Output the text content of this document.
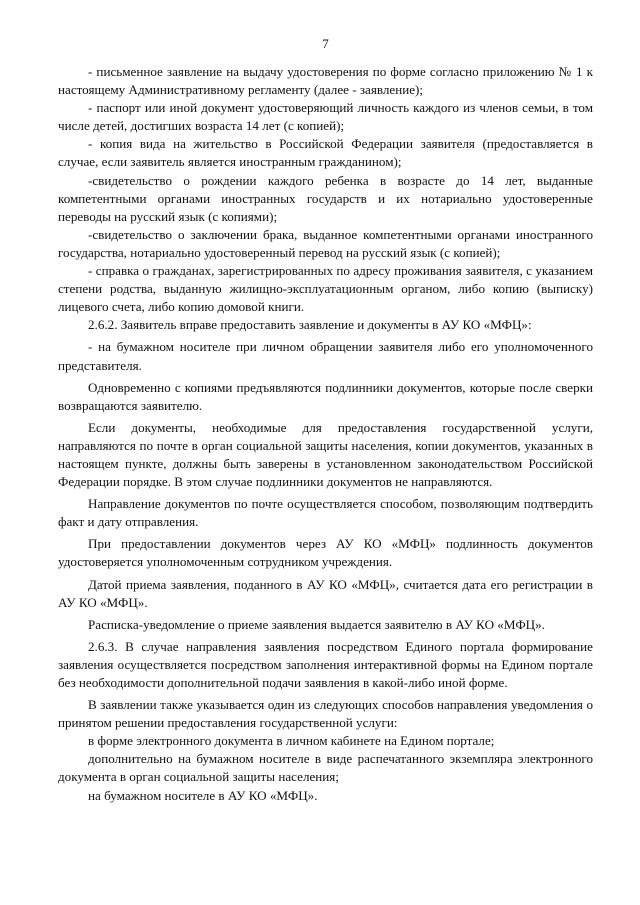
7

- письменное заявление на выдачу удостоверения по форме согласно приложению № 1 к настоящему Административному регламенту (далее - заявление);

- паспорт или иной документ удостоверяющий личность каждого из членов семьи, в том числе детей, достигших возраста 14 лет (с копией);

- копия вида на жительство в Российской Федерации заявителя (предоставляется в случае, если заявитель является иностранным гражданином);

-свидетельство о рождении каждого ребенка в возрасте до 14 лет, выданные компетентными органами иностранных государств и их нотариально удостоверенные переводы на русский язык (с копиями);

-свидетельство о заключении брака, выданное компетентными органами иностранного государства, нотариально удостоверенный перевод на русский язык (с копией);

- справка о гражданах, зарегистрированных по адресу проживания заявителя, с указанием степени родства, выданную жилищно-эксплуатационным органом, либо копию (выписку) лицевого счета, либо копию домовой книги.

2.6.2. Заявитель вправе предоставить заявление и документы в АУ КО «МФЦ»:

- на бумажном носителе при личном обращении заявителя либо его уполномоченного представителя.

Одновременно с копиями предъявляются подлинники документов, которые после сверки возвращаются заявителю.

Если документы, необходимые для предоставления государственной услуги, направляются по почте в орган социальной защиты населения, копии документов, указанных в настоящем пункте, должны быть заверены в установленном законодательством Российской Федерации порядке. В этом случае подлинники документов не направляются.

Направление документов по почте осуществляется способом, позволяющим подтвердить факт и дату отправления.

При предоставлении документов через АУ КО «МФЦ» подлинность документов удостоверяется уполномоченным сотрудником учреждения.

Датой приема заявления, поданного в АУ КО «МФЦ», считается дата его регистрации в АУ КО «МФЦ».

Расписка-уведомление о приеме заявления выдается заявителю в АУ КО «МФЦ».

2.6.3. В случае направления заявления посредством Единого портала формирование заявления осуществляется посредством заполнения интерактивной формы на Едином портале без необходимости дополнительной подачи заявления в какой-либо иной форме.

В заявлении также указывается один из следующих способов направления уведомления о принятом решении предоставления государственной услуги:

в форме электронного документа в личном кабинете на Едином портале;

дополнительно на бумажном носителе в виде распечатанного экземпляра электронного документа в орган социальной защиты населения;

на бумажном носителе в АУ КО «МФЦ».
